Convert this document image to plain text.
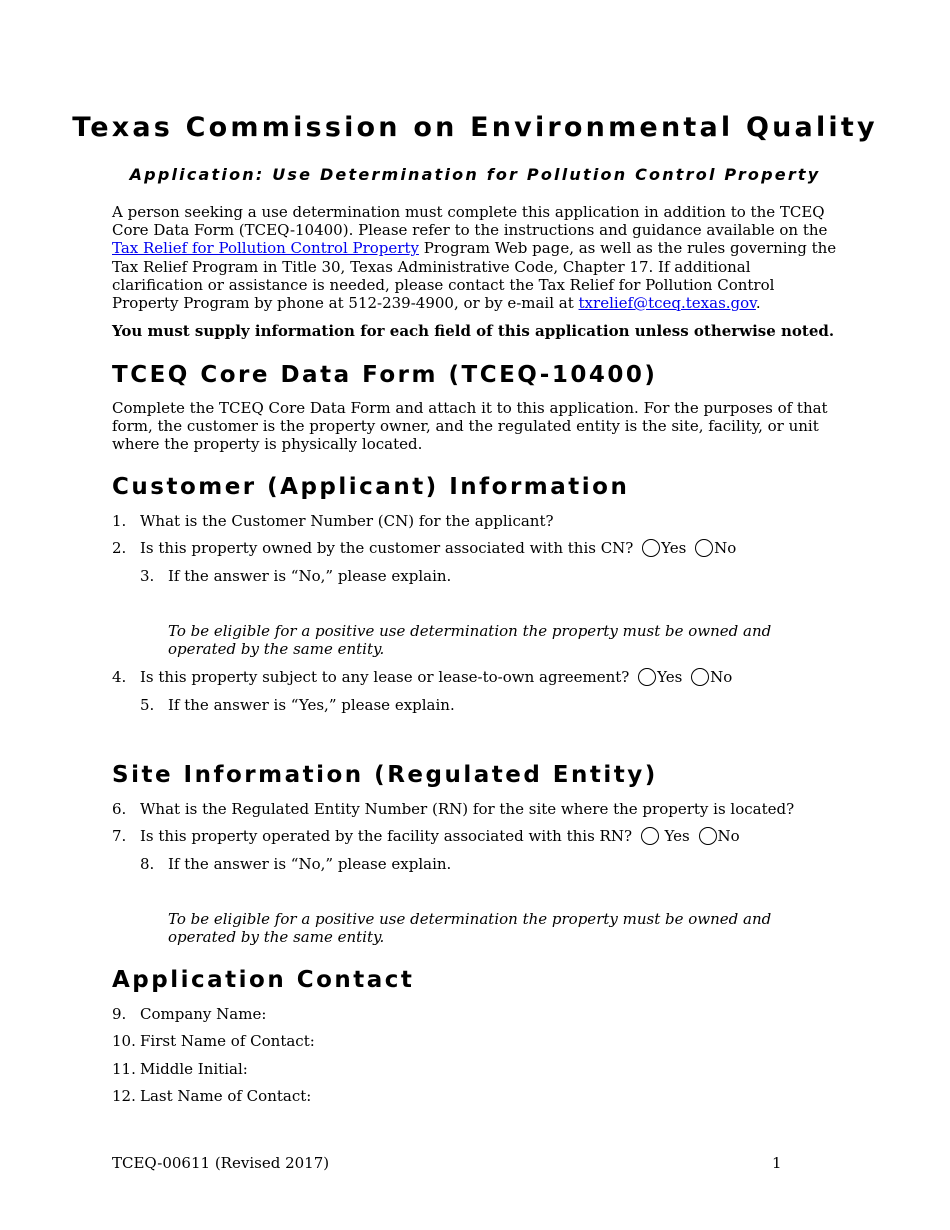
Texas Commission on Environmental Quality
Application: Use Determination for Pollution Control Property
A person seeking a use determination must complete this application in addition to the TCEQ Core Data Form (TCEQ-10400). Please refer to the instructions and guidance available on the Tax Relief for Pollution Control Property Program Web page, as well as the rules governing the Tax Relief Program in Title 30, Texas Administrative Code, Chapter 17. If additional clarification or assistance is needed, please contact the Tax Relief for Pollution Control Property Program by phone at 512-239-4900, or by e-mail at txrelief@tceq.texas.gov.
You must supply information for each field of this application unless otherwise noted.
TCEQ Core Data Form (TCEQ-10400)
Complete the TCEQ Core Data Form and attach it to this application. For the purposes of that form, the customer is the property owner, and the regulated entity is the site, facility, or unit where the property is physically located.
Customer (Applicant) Information
1. What is the Customer Number (CN) for the applicant?
2. Is this property owned by the customer associated with this CN? Yes No
3. If the answer is “No,” please explain.
To be eligible for a positive use determination the property must be owned and operated by the same entity.
4. Is this property subject to any lease or lease-to-own agreement? Yes No
5. If the answer is “Yes,” please explain.
Site Information (Regulated Entity)
6. What is the Regulated Entity Number (RN) for the site where the property is located?
7. Is this property operated by the facility associated with this RN?  Yes No
8. If the answer is “No,” please explain.
To be eligible for a positive use determination the property must be owned and operated by the same entity.
Application Contact
9. Company Name:
10. First Name of Contact:
11. Middle Initial:
12. Last Name of Contact:
TCEQ-00611 (Revised 2017)	1
